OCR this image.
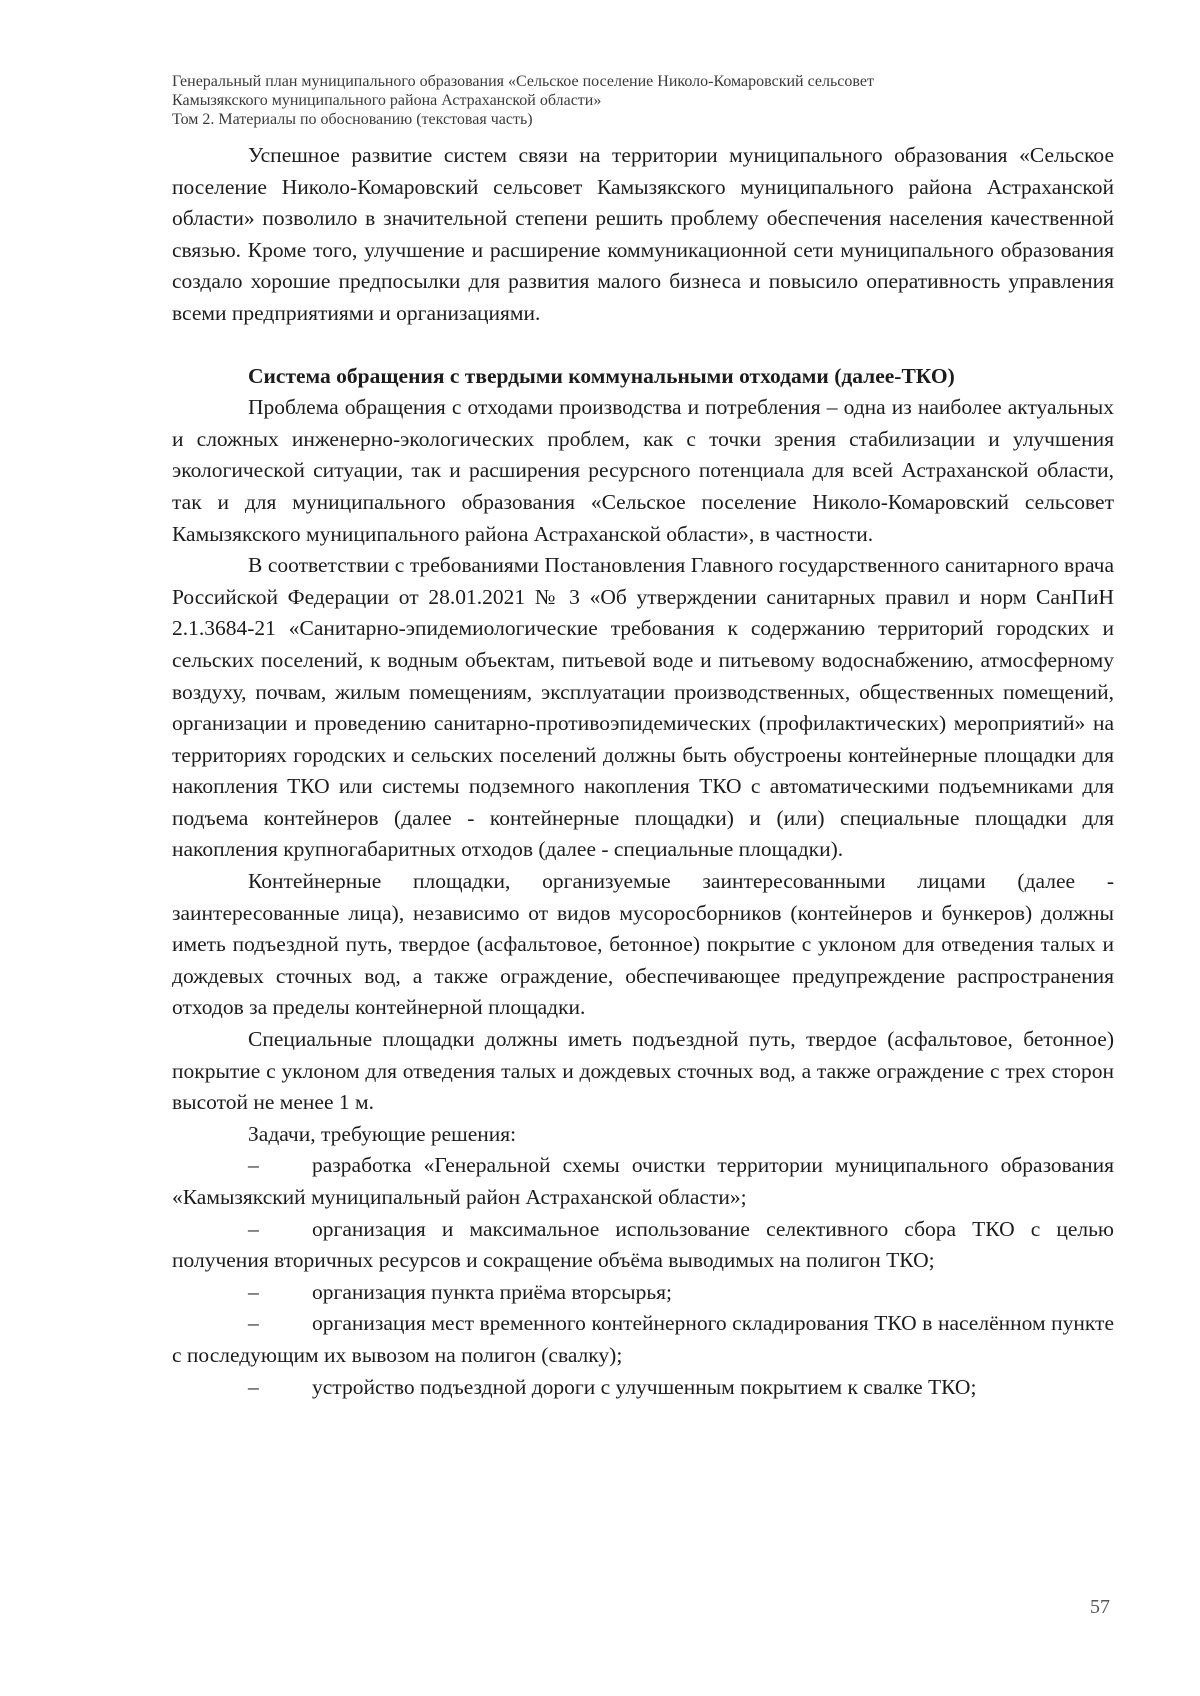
Генеральный план муниципального образования «Сельское поселение Николо-Комаровский сельсовет
Камызякского муниципального района Астраханской области»
Том 2. Материалы по обоснованию (текстовая часть)

Успешное развитие систем связи на территории муниципального образования «Сельское поселение Николо-Комаровский сельсовет Камызякского муниципального района Астраханской области» позволило в значительной степени решить проблему обеспечения населения качественной связью. Кроме того, улучшение и расширение коммуникационной сети муниципального образования создало хорошие предпосылки для развития малого бизнеса и повысило оперативность управления всеми предприятиями и организациями.

Система обращения с твердыми коммунальными отходами (далее-ТКО)

Проблема обращения с отходами производства и потребления – одна из наиболее актуальных и сложных инженерно-экологических проблем, как с точки зрения стабилизации и улучшения экологической ситуации, так и расширения ресурсного потенциала для всей Астраханской области, так и для муниципального образования «Сельское поселение Николо-Комаровский сельсовет Камызякского муниципального района Астраханской области», в частности.

В соответствии с требованиями Постановления Главного государственного санитарного врача Российской Федерации от 28.01.2021 № 3 «Об утверждении санитарных правил и норм СанПиН 2.1.3684-21 «Санитарно-эпидемиологические требования к содержанию территорий городских и сельских поселений, к водным объектам, питьевой воде и питьевому водоснабжению, атмосферному воздуху, почвам, жилым помещениям, эксплуатации производственных, общественных помещений, организации и проведению санитарно-противоэпидемических (профилактических) мероприятий» на территориях городских и сельских поселений должны быть обустроены контейнерные площадки для накопления ТКО или системы подземного накопления ТКО с автоматическими подъемниками для подъема контейнеров (далее - контейнерные площадки) и (или) специальные площадки для накопления крупногабаритных отходов (далее - специальные площадки).

Контейнерные площадки, организуемые заинтересованными лицами (далее - заинтересованные лица), независимо от видов мусоросборников (контейнеров и бункеров) должны иметь подъездной путь, твердое (асфальтовое, бетонное) покрытие с уклоном для отведения талых и дождевых сточных вод, а также ограждение, обеспечивающее предупреждение распространения отходов за пределы контейнерной площадки.

Специальные площадки должны иметь подъездной путь, твердое (асфальтовое, бетонное) покрытие с уклоном для отведения талых и дождевых сточных вод, а также ограждение с трех сторон высотой не менее 1 м.

Задачи, требующие решения:

– разработка «Генеральной схемы очистки территории муниципального образования «Камызякский муниципальный район Астраханской области»;

– организация и максимальное использование селективного сбора ТКО с целью получения вторичных ресурсов и сокращение объёма выводимых на полигон ТКО;

– организация пункта приёма вторсырья;

– организация мест временного контейнерного складирования ТКО в населённом пункте с последующим их вывозом на полигон (свалку);

– устройство подъездной дороги с улучшенным покрытием к свалке ТКО;

57
